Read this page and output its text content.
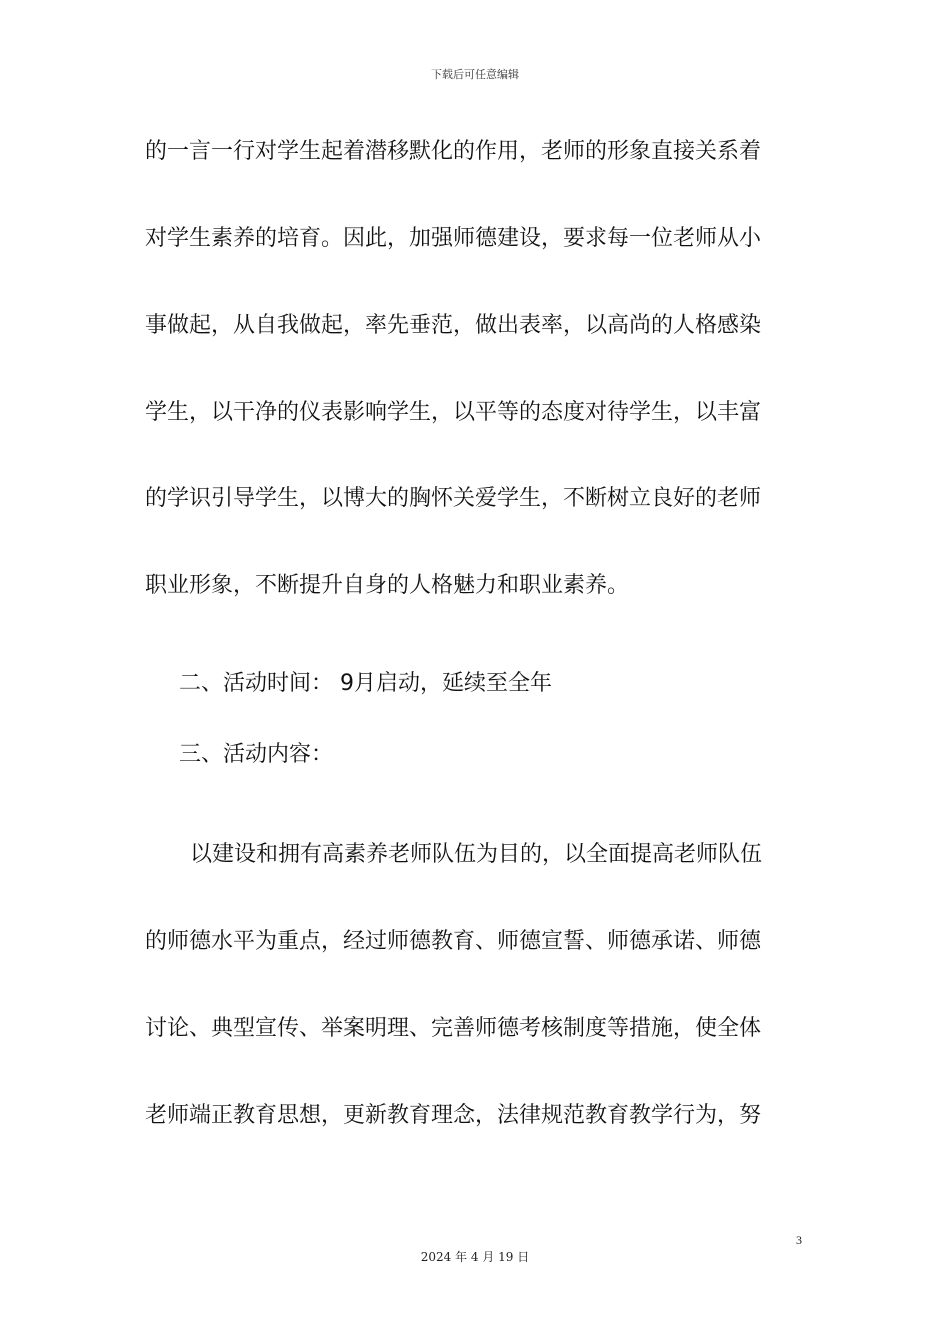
下载后可任意编辑
的一言一行对学生起着潜移默化的作用，老师的形象直接关系着
对学生素养的培育。因此，加强师德建设，要求每一位老师从小
事做起，从自我做起，率先垂范，做出表率，以高尚的人格感染
学生，以干净的仪表影响学生，以平等的态度对待学生，以丰富
的学识引导学生，以博大的胸怀关爱学生，不断树立良好的老师
职业形象，不断提升自身的人格魅力和职业素养。
二、活动时间： 9月启动，延续至全年
三、活动内容：
以建设和拥有高素养老师队伍为目的，以全面提高老师队伍
的师德水平为重点，经过师德教育、师德宣誓、师德承诺、师德
讨论、典型宣传、举案明理、完善师德考核制度等措施，使全体
老师端正教育思想，更新教育理念，法律规范教育教学行为，努
3
2024 年 4 月 19 日
